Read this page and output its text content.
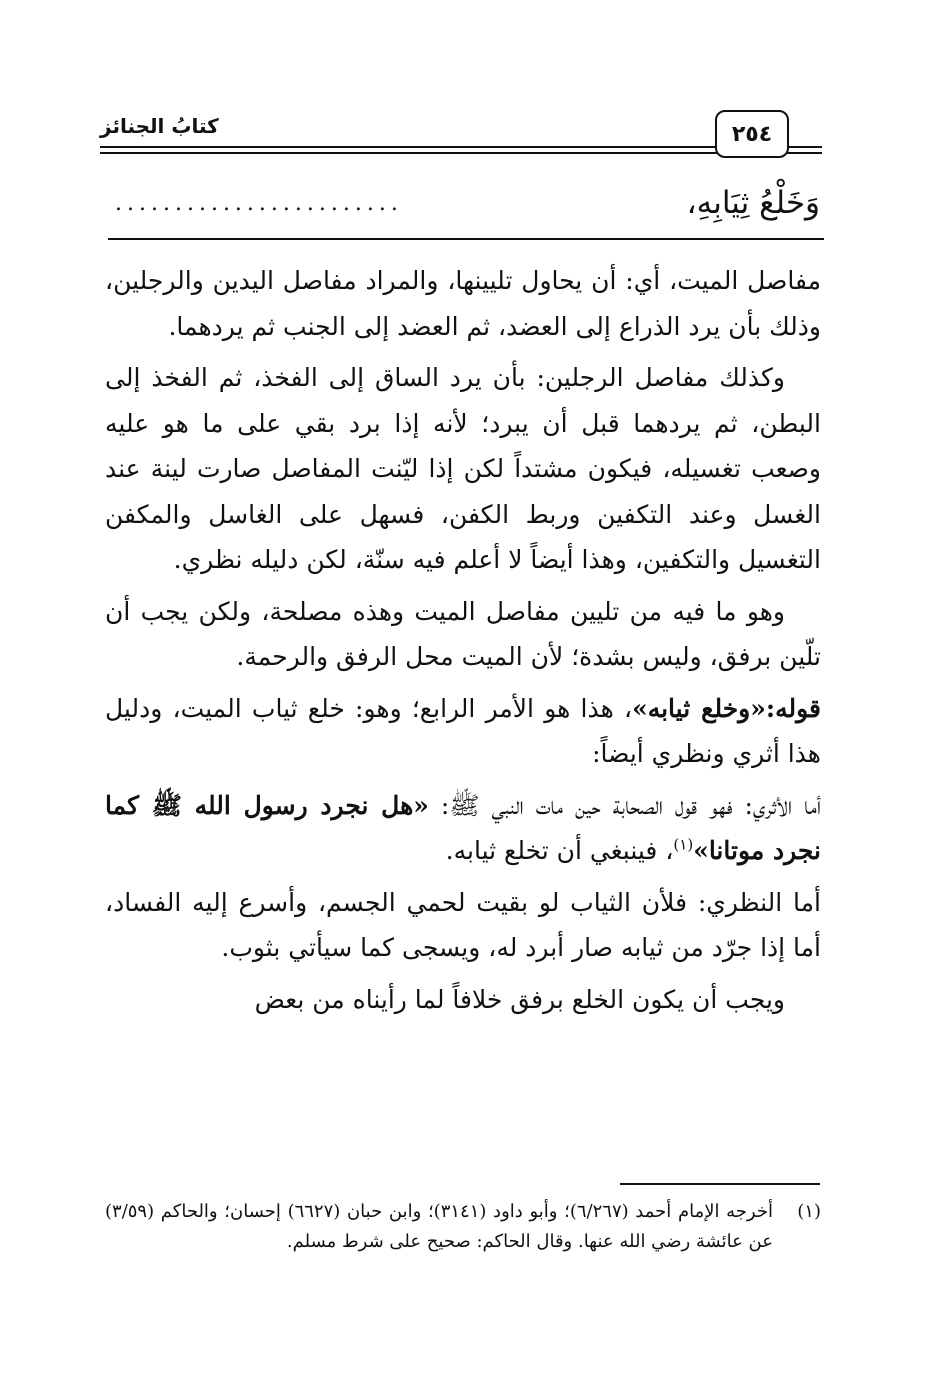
كتابُ الجنائز	٢٥٤
وَخَلْعُ ثِيَابِهِ،
........................

مفاصل الميت، أي: أن يحاول تليينها، والمراد مفاصل اليدين والرجلين، وذلك بأن يرد الذراع إلى العضد، ثم العضد إلى الجنب ثم يردهما.

وكذلك مفاصل الرجلين: بأن يرد الساق إلى الفخذ، ثم الفخذ إلى البطن، ثم يردهما قبل أن يبرد؛ لأنه إذا برد بقي على ما هو عليه وصعب تغسيله، فيكون مشتداً لكن إذا ليّنت المفاصل صارت لينة عند الغسل وعند التكفين وربط الكفن، فسهل على الغاسل والمكفن التغسيل والتكفين، وهذا أيضاً لا أعلم فيه سنّة، لكن دليله نظري.

وهو ما فيه من تليين مفاصل الميت وهذه مصلحة، ولكن يجب أن تلّين برفق، وليس بشدة؛ لأن الميت محل الرفق والرحمة.

قوله:«وخلع ثيابه»، هذا هو الأمر الرابع؛ وهو: خلع ثياب الميت، ودليل هذا أثري ونظري أيضاً:

أما الأثري: فهو قول الصحابة حين مات النبي ﷺ: «هل نجرد رسول الله ﷺ كما نجرد موتانا»$^{(١)}$، فينبغي أن تخلع ثيابه.

أما النظري: فلأن الثياب لو بقيت لحمي الجسم، وأسرع إليه الفساد، أما إذا جرّد من ثيابه صار أبرد له، ويسجى كما سيأتي بثوب.

ويجب أن يكون الخلع برفق خلافاً لما رأيناه من بعض

(١)
أخرجه الإمام أحمد (٦/٢٦٧)؛ وأبو داود (٣١٤١)؛ وابن حبان (٦٦٢٧) إحسان؛ والحاكم (٣/٥٩) عن عائشة رضي الله عنها. وقال الحاكم: صحيح على شرط مسلم.
